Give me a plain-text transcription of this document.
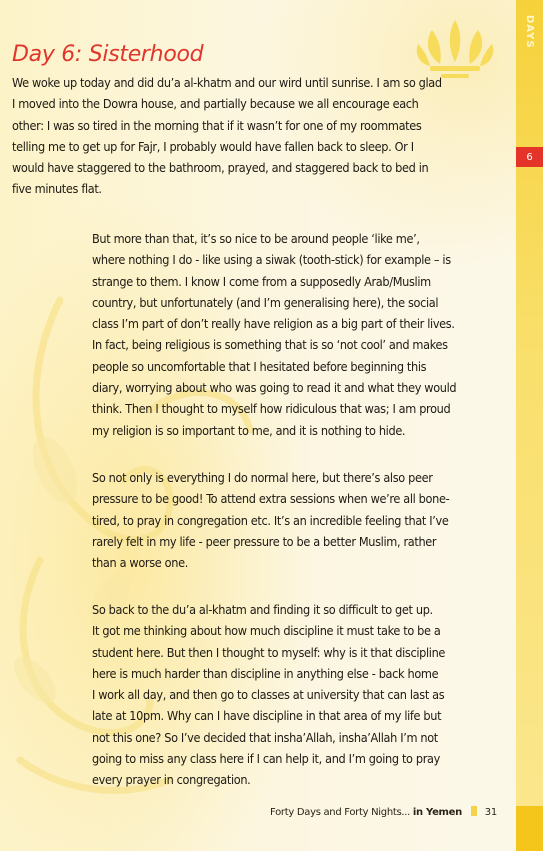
DAYS
6
Day 6: Sisterhood

We woke up today and did du’a al-khatm and our wird until sunrise. I am so glad
I moved into the Dowra house, and partially because we all encourage each
other: I was so tired in the morning that if it wasn’t for one of my roommates
telling me to get up for Fajr, I probably would have fallen back to sleep. Or I
would have staggered to the bathroom, prayed, and staggered back to bed in
five minutes flat.

But more than that, it’s so nice to be around people ‘like me’,
where nothing I do - like using a siwak (tooth-stick) for example – is
strange to them. I know I come from a supposedly Arab/Muslim
country, but unfortunately (and I’m generalising here), the social
class I’m part of don’t really have religion as a big part of their lives.
In fact, being religious is something that is so ‘not cool’ and makes
people so uncomfortable that I hesitated before beginning this
diary, worrying about who was going to read it and what they would
think. Then I thought to myself how ridiculous that was; I am proud
my religion is so important to me, and it is nothing to hide.

So not only is everything I do normal here, but there’s also peer
pressure to be good! To attend extra sessions when we’re all bone-
tired, to pray in congregation etc. It’s an incredible feeling that I’ve
rarely felt in my life - peer pressure to be a better Muslim, rather
than a worse one.

So back to the du’a al-khatm and finding it so difficult to get up.
It got me thinking about how much discipline it must take to be a
student here. But then I thought to myself: why is it that discipline
here is much harder than discipline in anything else - back home
I work all day, and then go to classes at university that can last as
late at 10pm. Why can I have discipline in that area of my life but
not this one? So I’ve decided that insha’Allah, insha’Allah I’m not
going to miss any class here if I can help it, and I’m going to pray
every prayer in congregation.

Forty Days and Forty Nights... in Yemen 31
